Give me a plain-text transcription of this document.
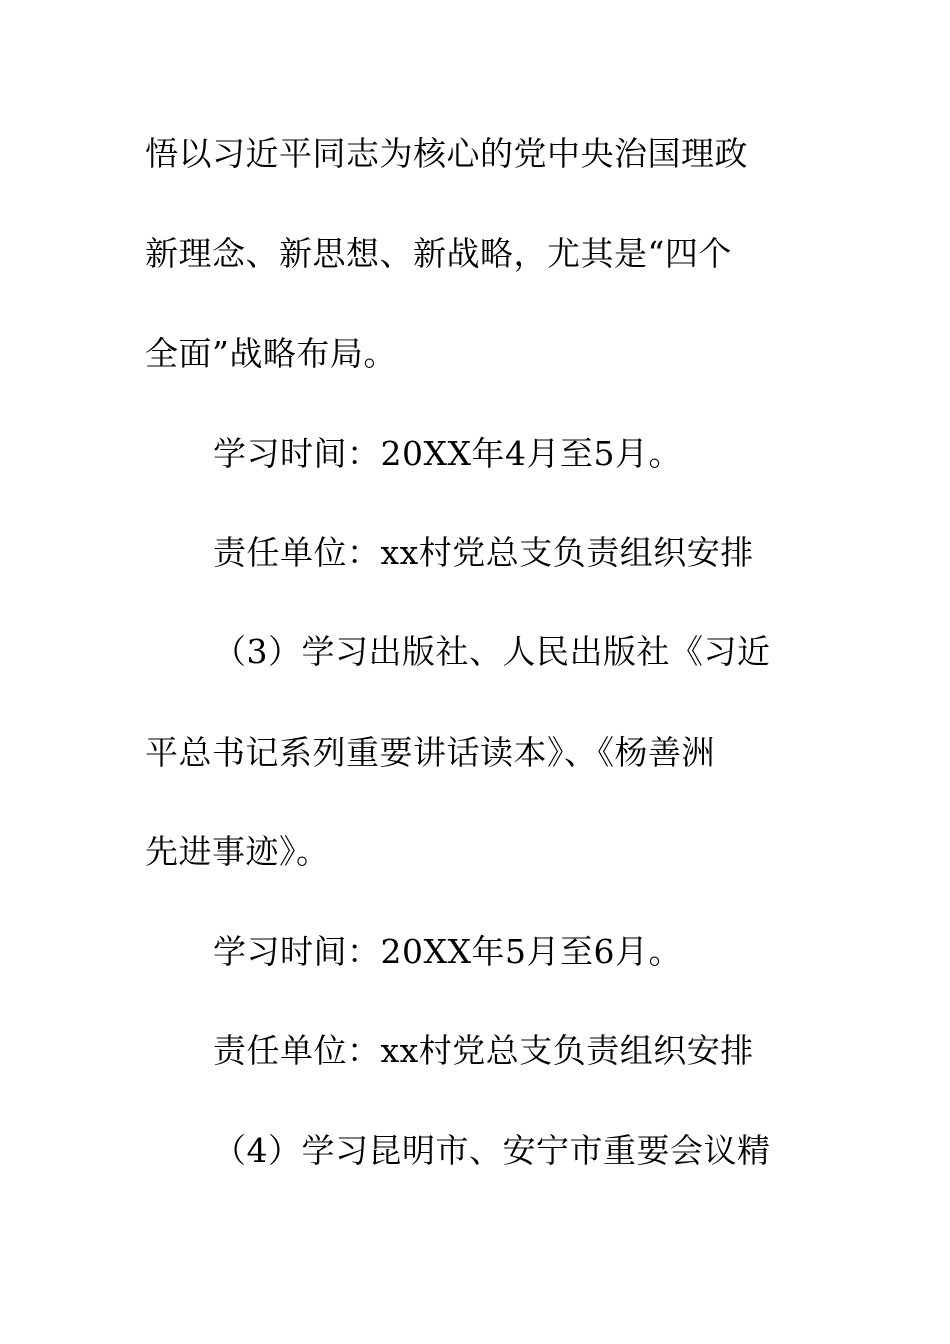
悟以习近平同志为核心的党中央治国理政
新理念、新思想、新战略，尤其是“四个
全面”战略布局。
学习时间：20XX年4月至5月。
责任单位：xx村党总支负责组织安排
（3）学习出版社、人民出版社《习近
平总书记系列重要讲话读本》、《杨善洲
先进事迹》。
学习时间：20XX年5月至6月。
责任单位：xx村党总支负责组织安排
（4）学习昆明市、安宁市重要会议精
